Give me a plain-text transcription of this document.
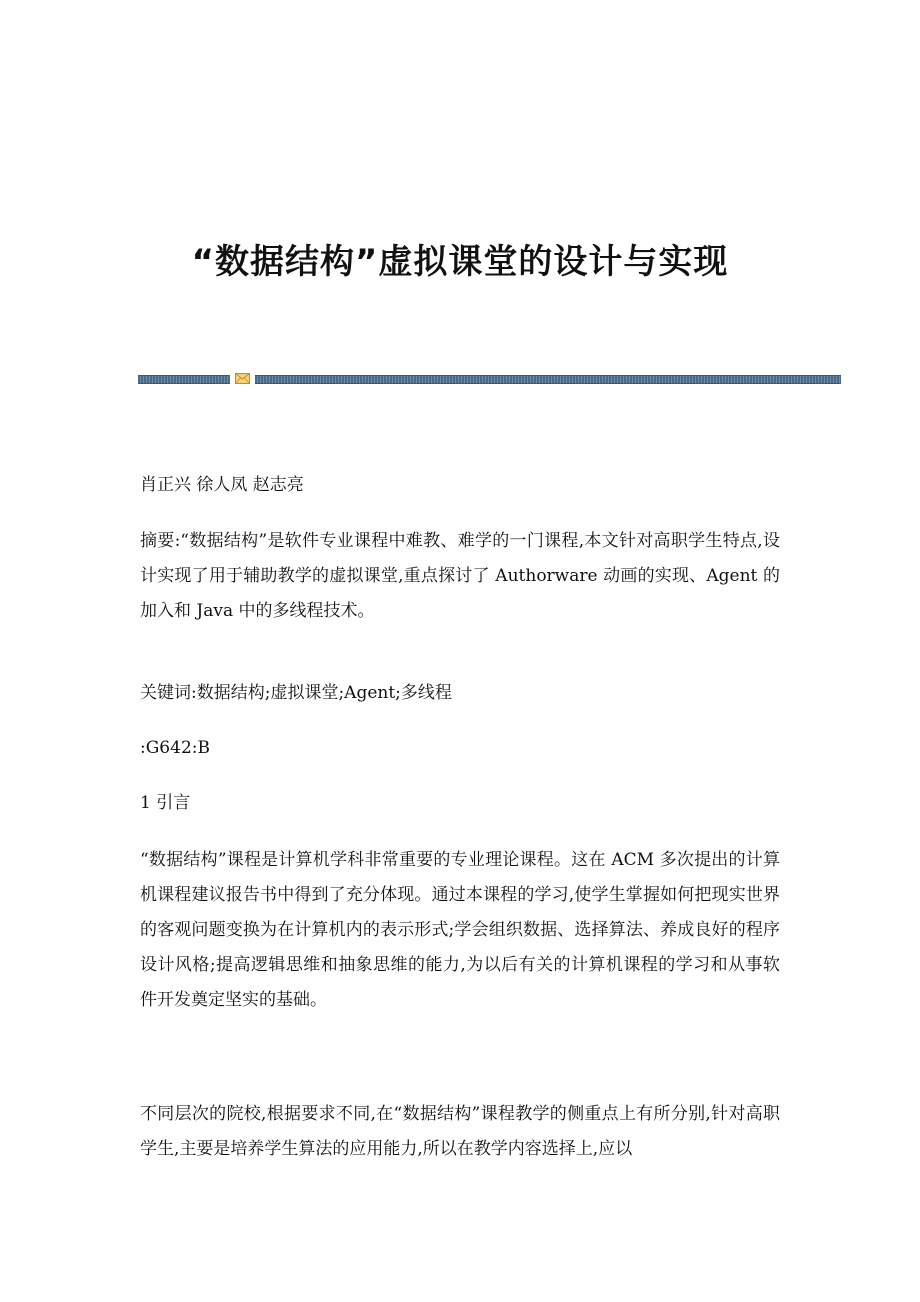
“数据结构”虚拟课堂的设计与实现
肖正兴 徐人凤 赵志亮
摘要:“数据结构”是软件专业课程中难教、难学的一门课程,本文针对高职学生特点,设计实现了用于辅助教学的虚拟课堂,重点探讨了 Authorware 动画的实现、Agent 的加入和 Java 中的多线程技术。
关键词:数据结构;虚拟课堂;Agent;多线程
:G642:B
1 引言
“数据结构”课程是计算机学科非常重要的专业理论课程。这在 ACM 多次提出的计算机课程建议报告书中得到了充分体现。通过本课程的学习,使学生掌握如何把现实世界的客观问题变换为在计算机内的表示形式;学会组织数据、选择算法、养成良好的程序设计风格;提高逻辑思维和抽象思维的能力,为以后有关的计算机课程的学习和从事软件开发奠定坚实的基础。
不同层次的院校,根据要求不同,在“数据结构”课程教学的侧重点上有所分别,针对高职学生,主要是培养学生算法的应用能力,所以在教学内容选择上,应以
